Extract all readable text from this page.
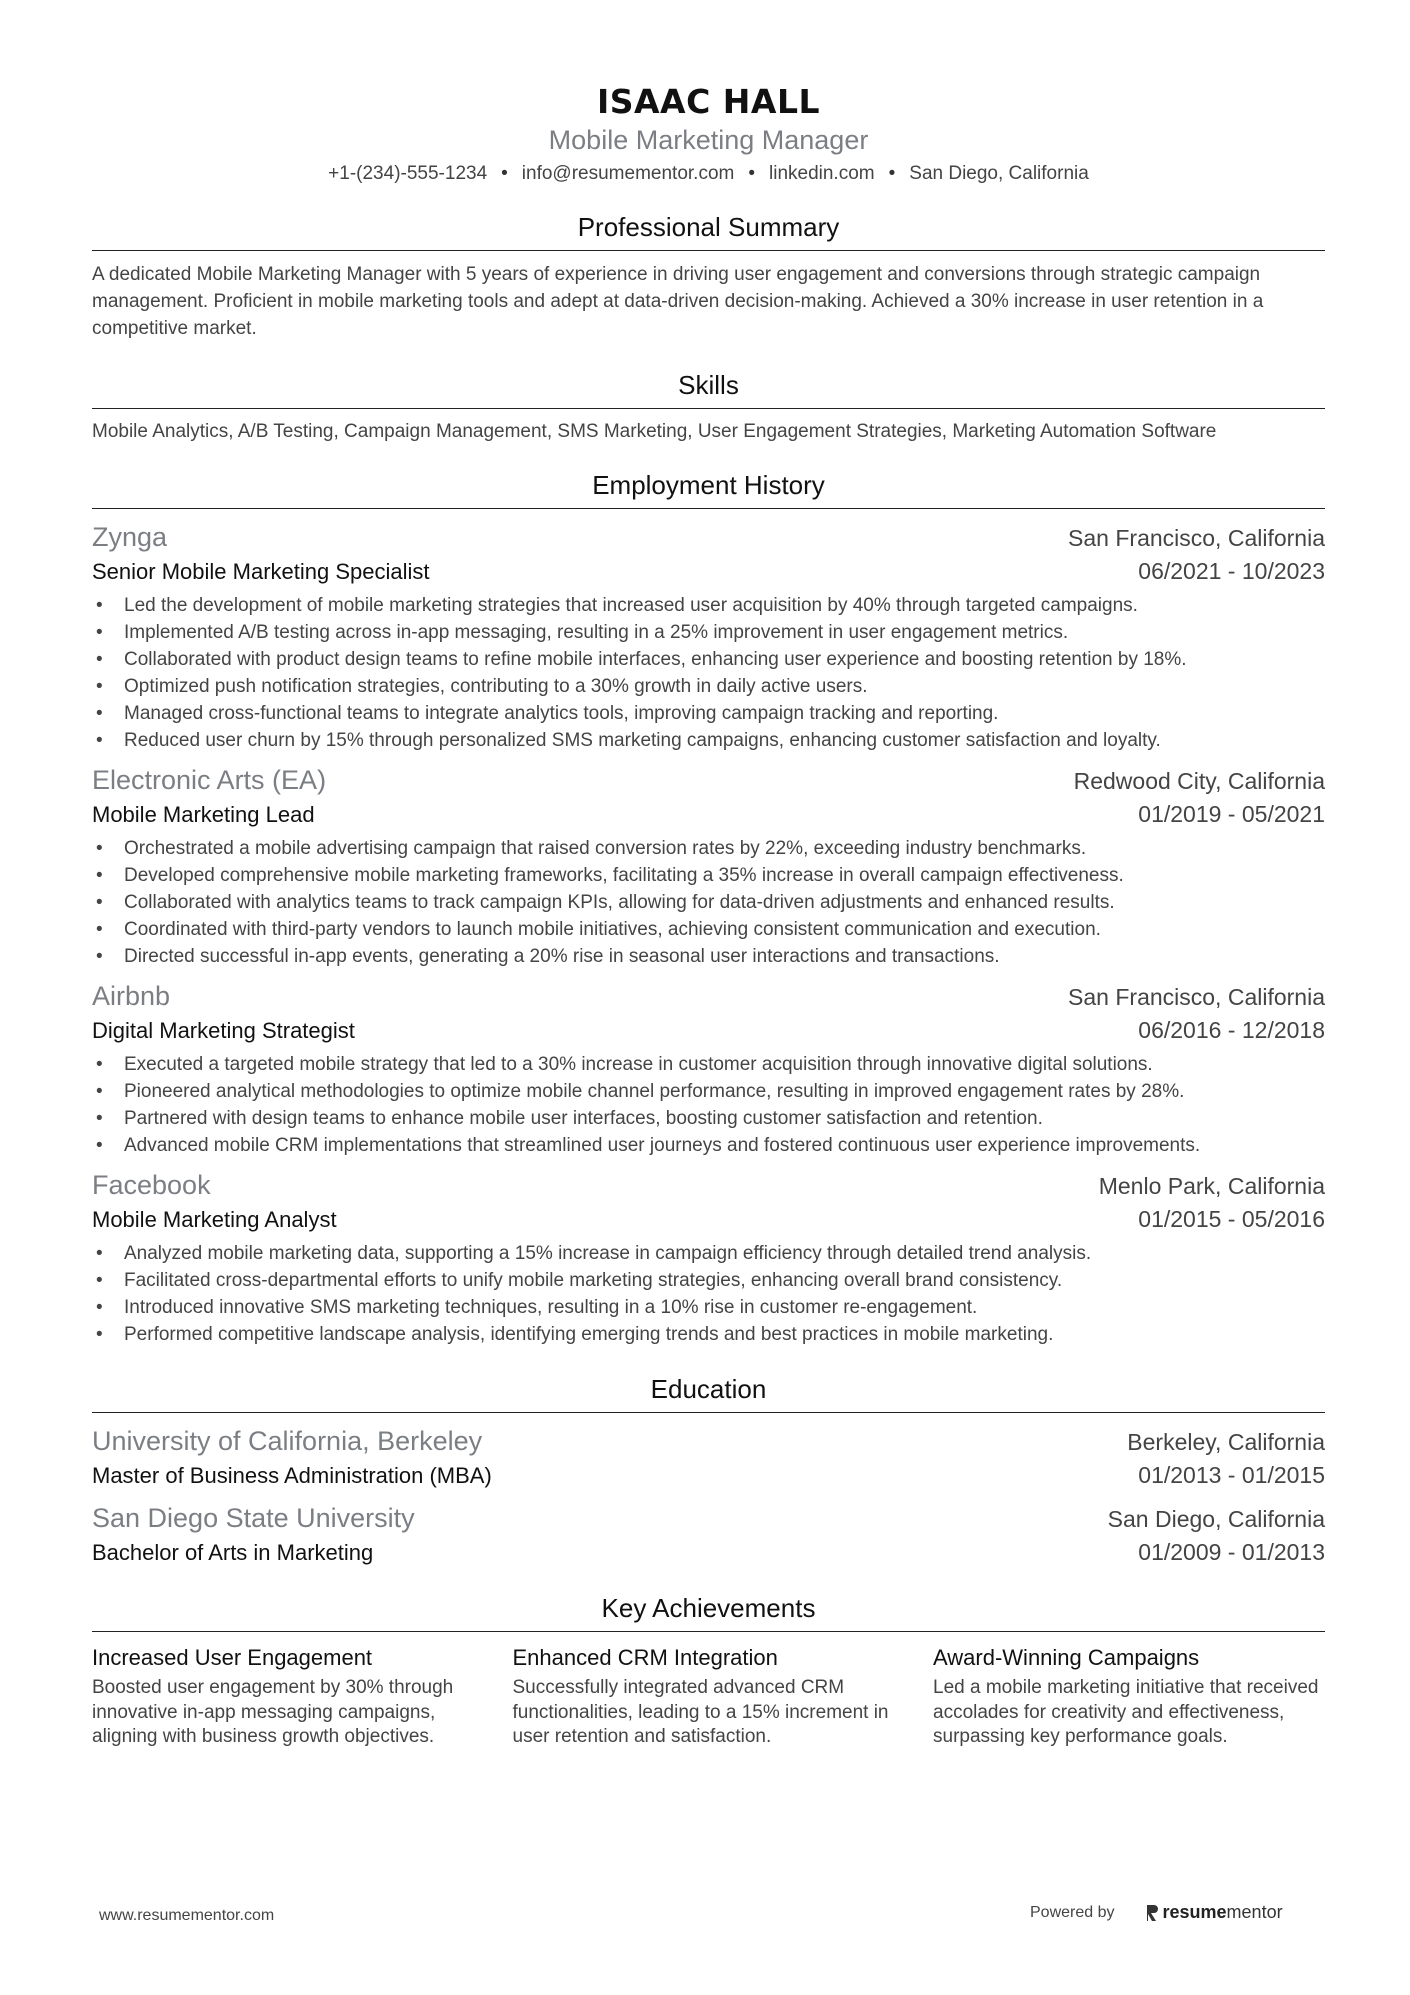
ISAAC HALL
Mobile Marketing Manager
+1-(234)-555-1234 • info@resumementor.com • linkedin.com • San Diego, California
Professional Summary
A dedicated Mobile Marketing Manager with 5 years of experience in driving user engagement and conversions through strategic campaign management. Proficient in mobile marketing tools and adept at data-driven decision-making. Achieved a 30% increase in user retention in a competitive market.
Skills
Mobile Analytics, A/B Testing, Campaign Management, SMS Marketing, User Engagement Strategies, Marketing Automation Software
Employment History
Zynga	San Francisco, California
Senior Mobile Marketing Specialist	06/2021 - 10/2023
• Led the development of mobile marketing strategies that increased user acquisition by 40% through targeted campaigns.
• Implemented A/B testing across in-app messaging, resulting in a 25% improvement in user engagement metrics.
• Collaborated with product design teams to refine mobile interfaces, enhancing user experience and boosting retention by 18%.
• Optimized push notification strategies, contributing to a 30% growth in daily active users.
• Managed cross-functional teams to integrate analytics tools, improving campaign tracking and reporting.
• Reduced user churn by 15% through personalized SMS marketing campaigns, enhancing customer satisfaction and loyalty.
Electronic Arts (EA)	Redwood City, California
Mobile Marketing Lead	01/2019 - 05/2021
• Orchestrated a mobile advertising campaign that raised conversion rates by 22%, exceeding industry benchmarks.
• Developed comprehensive mobile marketing frameworks, facilitating a 35% increase in overall campaign effectiveness.
• Collaborated with analytics teams to track campaign KPIs, allowing for data-driven adjustments and enhanced results.
• Coordinated with third-party vendors to launch mobile initiatives, achieving consistent communication and execution.
• Directed successful in-app events, generating a 20% rise in seasonal user interactions and transactions.
Airbnb	San Francisco, California
Digital Marketing Strategist	06/2016 - 12/2018
• Executed a targeted mobile strategy that led to a 30% increase in customer acquisition through innovative digital solutions.
• Pioneered analytical methodologies to optimize mobile channel performance, resulting in improved engagement rates by 28%.
• Partnered with design teams to enhance mobile user interfaces, boosting customer satisfaction and retention.
• Advanced mobile CRM implementations that streamlined user journeys and fostered continuous user experience improvements.
Facebook	Menlo Park, California
Mobile Marketing Analyst	01/2015 - 05/2016
• Analyzed mobile marketing data, supporting a 15% increase in campaign efficiency through detailed trend analysis.
• Facilitated cross-departmental efforts to unify mobile marketing strategies, enhancing overall brand consistency.
• Introduced innovative SMS marketing techniques, resulting in a 10% rise in customer re-engagement.
• Performed competitive landscape analysis, identifying emerging trends and best practices in mobile marketing.
Education
University of California, Berkeley	Berkeley, California
Master of Business Administration (MBA)	01/2013 - 01/2015
San Diego State University	San Diego, California
Bachelor of Arts in Marketing	01/2009 - 01/2013
Key Achievements
Increased User Engagement
Boosted user engagement by 30% through innovative in-app messaging campaigns, aligning with business growth objectives.
Enhanced CRM Integration
Successfully integrated advanced CRM functionalities, leading to a 15% increment in user retention and satisfaction.
Award-Winning Campaigns
Led a mobile marketing initiative that received accolades for creativity and effectiveness, surpassing key performance goals.
www.resumementor.com	Powered by	resume mentor
